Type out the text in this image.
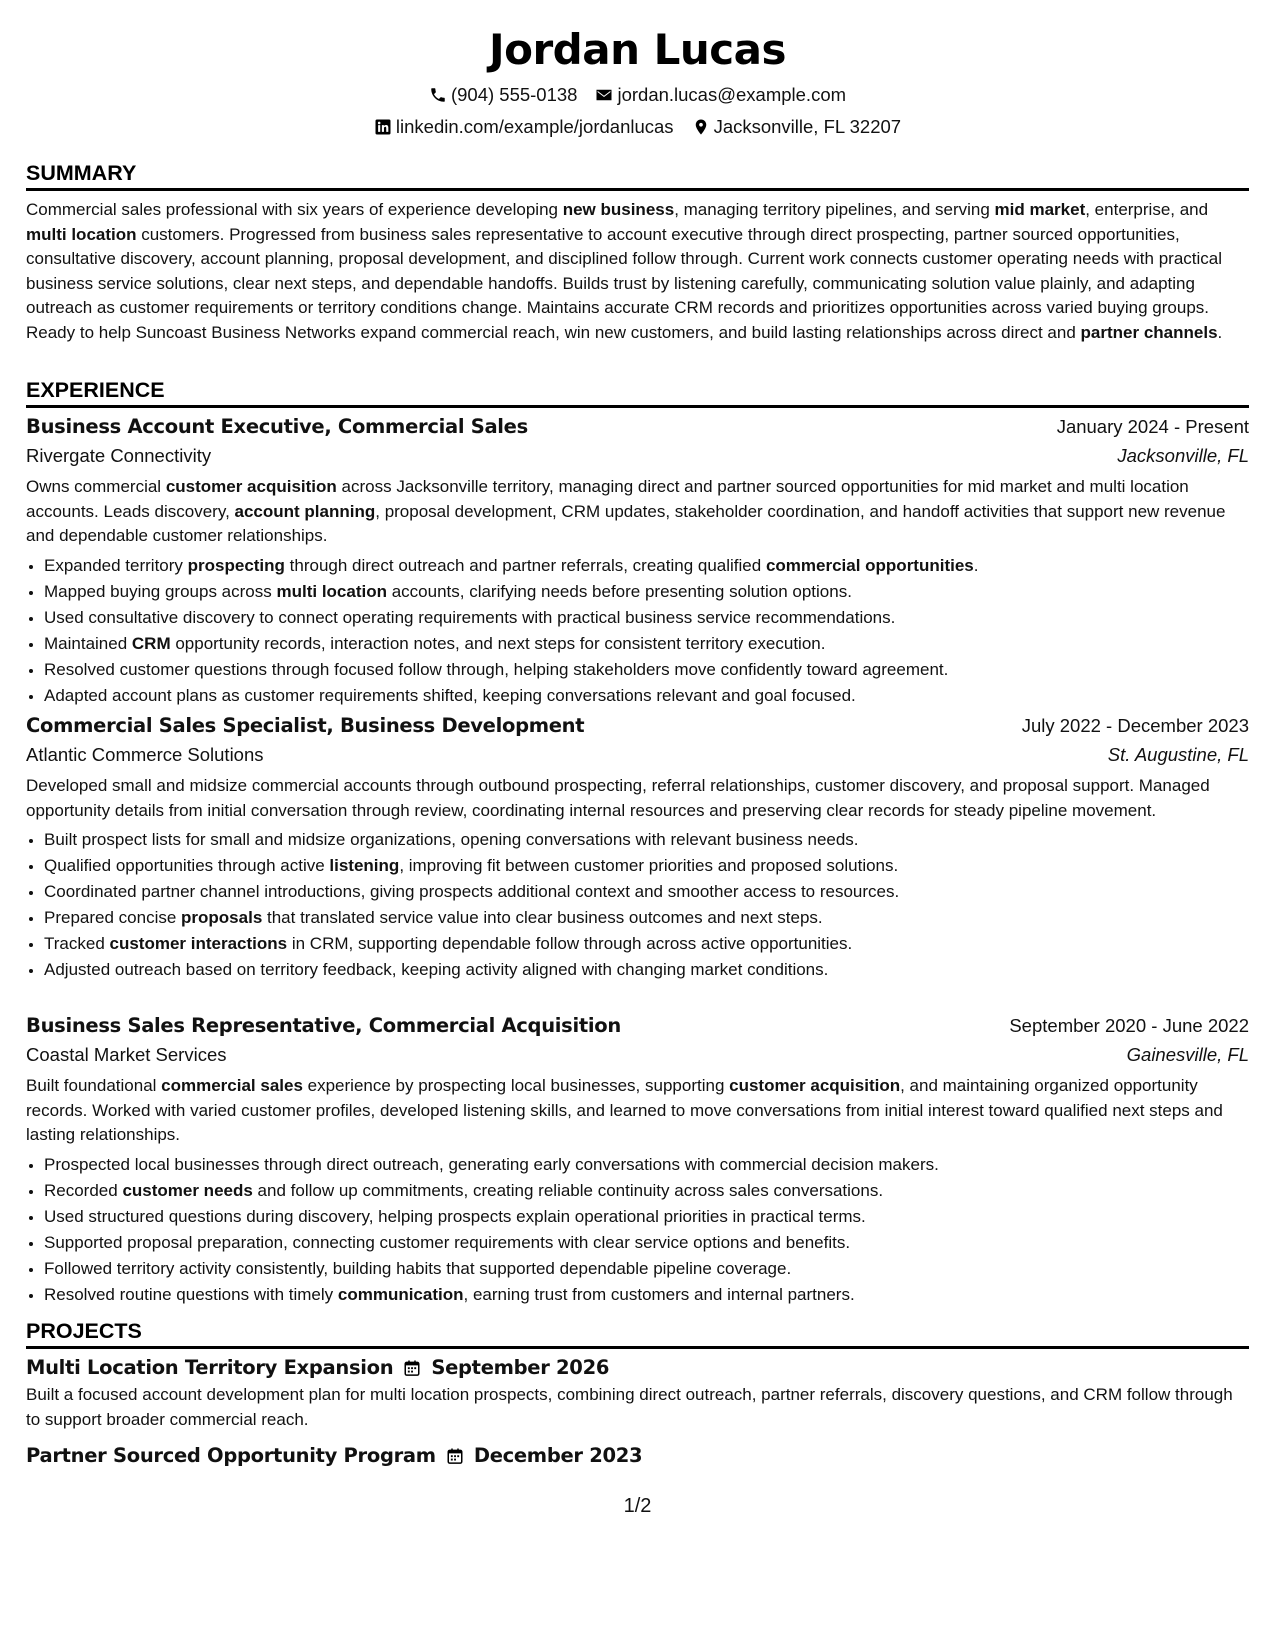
Jordan Lucas
(904) 555-0138 jordan.lucas@example.com
linkedin.com/example/jordanlucas Jacksonville, FL 32207
SUMMARY

Commercial sales professional with six years of experience developing new business, managing territory pipelines, and serving mid market, enterprise, and multi location customers. Progressed from business sales representative to account executive through direct prospecting, partner sourced opportunities, consultative discovery, account planning, proposal development, and disciplined follow through. Current work connects customer operating needs with practical business service solutions, clear next steps, and dependable handoffs. Builds trust by listening carefully, communicating solution value plainly, and adapting outreach as customer requirements or territory conditions change. Maintains accurate CRM records and prioritizes opportunities across varied buying groups. Ready to help Suncoast Business Networks expand commercial reach, win new customers, and build lasting relationships across direct and partner channels.

EXPERIENCE
Business Account Executive, Commercial Sales	January 2024 - Present
Rivergate Connectivity	Jacksonville, FL

Owns commercial customer acquisition across Jacksonville territory, managing direct and partner sourced opportunities for mid market and multi location accounts. Leads discovery, account planning, proposal development, CRM updates, stakeholder coordination, and handoff activities that support new revenue and dependable customer relationships.

• Expanded territory prospecting through direct outreach and partner referrals, creating qualified commercial opportunities.
• Mapped buying groups across multi location accounts, clarifying needs before presenting solution options.
• Used consultative discovery to connect operating requirements with practical business service recommendations.
• Maintained CRM opportunity records, interaction notes, and next steps for consistent territory execution.
• Resolved customer questions through focused follow through, helping stakeholders move confidently toward agreement.
• Adapted account plans as customer requirements shifted, keeping conversations relevant and goal focused.
Commercial Sales Specialist, Business Development	July 2022 - December 2023
Atlantic Commerce Solutions	St. Augustine, FL

Developed small and midsize commercial accounts through outbound prospecting, referral relationships, customer discovery, and proposal support. Managed opportunity details from initial conversation through review, coordinating internal resources and preserving clear records for steady pipeline movement.

• Built prospect lists for small and midsize organizations, opening conversations with relevant business needs.
• Qualified opportunities through active listening, improving fit between customer priorities and proposed solutions.
• Coordinated partner channel introductions, giving prospects additional context and smoother access to resources.
• Prepared concise proposals that translated service value into clear business outcomes and next steps.
• Tracked customer interactions in CRM, supporting dependable follow through across active opportunities.
• Adjusted outreach based on territory feedback, keeping activity aligned with changing market conditions.
Business Sales Representative, Commercial Acquisition	September 2020 - June 2022
Coastal Market Services	Gainesville, FL

Built foundational commercial sales experience by prospecting local businesses, supporting customer acquisition, and maintaining organized opportunity records. Worked with varied customer profiles, developed listening skills, and learned to move conversations from initial interest toward qualified next steps and lasting relationships.

• Prospected local businesses through direct outreach, generating early conversations with commercial decision makers.
• Recorded customer needs and follow up commitments, creating reliable continuity across sales conversations.
• Used structured questions during discovery, helping prospects explain operational priorities in practical terms.
• Supported proposal preparation, connecting customer requirements with clear service options and benefits.
• Followed territory activity consistently, building habits that supported dependable pipeline coverage.
• Resolved routine questions with timely communication, earning trust from customers and internal partners.
PROJECTS
Multi Location Territory Expansion September 2026

Built a focused account development plan for multi location prospects, combining direct outreach, partner referrals, discovery questions, and CRM follow through to support broader commercial reach.

Partner Sourced Opportunity Program December 2023
1/2
